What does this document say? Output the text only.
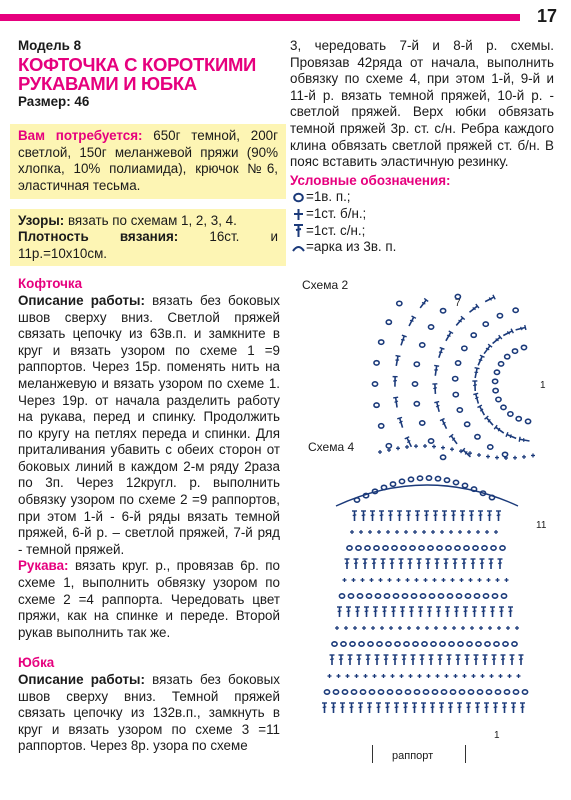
17
Модель 8
КОФТОЧКА С КОРОТКИМИ
РУКАВАМИ И ЮБКА
Размер: 46

Вам потребуется: 650г темной, 200г светлой, 150г меланжевой пряжи (90% хлопка, 10% полиамида), крючок №6, эластичная тесьма.

Узоры: вязать по схемам 1, 2, 3, 4.

Плотность вязания: 16ст. и 11р.=10х10см.

Кофточка

Описание работы: вязать без боковых швов сверху вниз. Светлой пряжей связать цепочку из 63в.п. и замкните в круг и вязать узором по схеме 1 =9 раппортов. Через 15р. поменять нить на меланжевую и вязать узором по схеме 1. Через 19р. от начала разделить работу на рукава, перед и спинку. Продолжить по кругу на петлях переда и спинки. Для приталивания убавить с обеих сторон от боковых линий в каждом 2-м ряду 2раза по 3п. Через 12кругл. р. выполнить обвязку узором по схеме 2 =9 раппортов, при этом 1-й - 6-й ряды вязать темной пряжей, 6-й р. – светлой пряжей, 7-й ряд - темной пряжей.

Рукава: вязать круг. р., провязав 6р. по схеме 1, выполнить обвязку узором по схеме 2 =4 раппорта. Чередовать цвет пряжи, как на спинке и переде. Второй рукав выполнить так же.

Юбка

Описание работы: вязать без боковых швов сверху вниз. Темной пряжей связать цепочку из 132в.п., замкнуть в круг и вязать узором по схеме 3 =11 раппортов. Через 8р. узора по схеме

3, чередовать 7-й и 8-й р. схемы. Провязав 42ряда от начала, выполнить обвязку по схеме 4, при этом 1-й, 9-й и 11-й р. вязать темной пряжей, 10-й р. - светлой пряжей. Верх юбки обвязать темной пряжей 3р. ст. с/н. Ребра каждого клина обвязать светлой пряжей ст. б/н. В пояс вставить эластичную резинку.

Условные обозначения:
=1в. п.;
=1ст. б/н.;
=1ст. с/н.;
=арка из 3в. п.
Схема 2
7
1
Схема 4
11
1
раппорт
